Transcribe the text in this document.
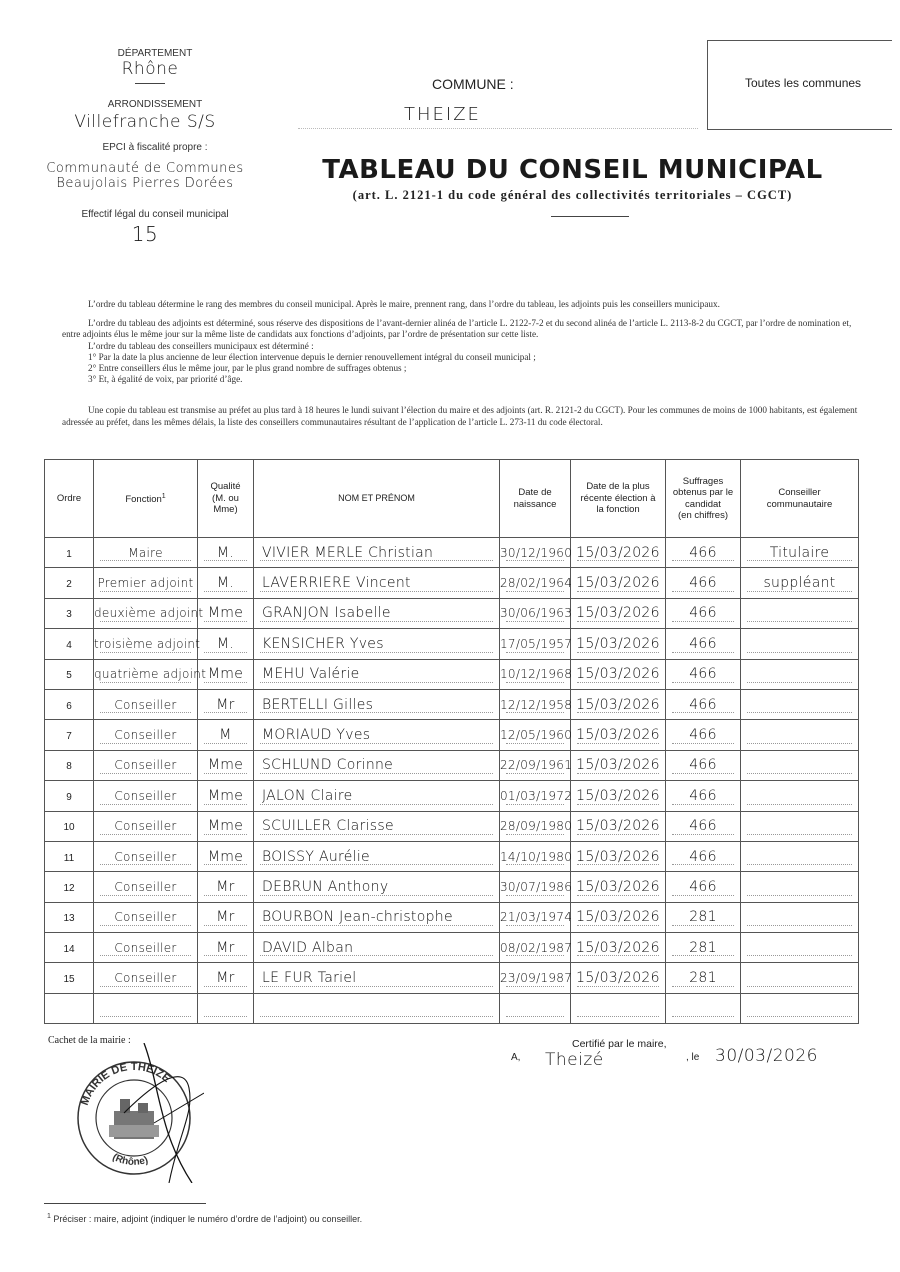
DÉPARTEMENT
Rhône
ARRONDISSEMENT
Villefranche S/S
EPCI à fiscalité propre :
Communauté de Communes
Beaujolais Pierres Dorées
Effectif légal du conseil municipal
15
COMMUNE :
THEIZE
Toutes les communes
TABLEAU DU CONSEIL MUNICIPAL
(art. L. 2121-1 du code général des collectivités territoriales – CGCT)

L’ordre du tableau détermine le rang des membres du conseil municipal. Après le maire, prennent rang, dans l’ordre du tableau, les adjoints puis les conseillers municipaux.

L’ordre du tableau des adjoints est déterminé, sous réserve des dispositions de l’avant-dernier alinéa de l’article L. 2122-7-2 et du second alinéa de l’article L. 2113-8-2 du CGCT, par l’ordre de nomination et, entre adjoints élus le même jour sur la même liste de candidats aux fonctions d’adjoints, par l’ordre de présentation sur cette liste.

L’ordre du tableau des conseillers municipaux est déterminé :

1° Par la date la plus ancienne de leur élection intervenue depuis le dernier renouvellement intégral du conseil municipal ;

2° Entre conseillers élus le même jour, par le plus grand nombre de suffrages obtenus ;

3° Et, à égalité de voix, par priorité d’âge.

Une copie du tableau est transmise au préfet au plus tard à 18 heures le lundi suivant l’élection du maire et des adjoints (art. R. 2121-2 du CGCT). Pour les communes de moins de 1000 habitants, est également adressée au préfet, dans les mêmes délais, la liste des conseillers communautaires résultant de l’application de l’article L. 273-11 du code électoral.

Ordre	Fonction$^1$	Qualité (M. ou Mme)	NOM ET PRÉNOM	Date de naissance	Date de la plus récente élection à la fonction	Suffrages obtenus par le candidat
(en chiffres)	Conseiller communautaire
1	Maire	M.	VIVIER MERLE Christian	30/12/1960	15/03/2026	466	Titulaire
2	Premier adjoint	M.	LAVERRIERE Vincent	28/02/1964	15/03/2026	466	suppléant
3	deuxième adjoint	Mme	GRANJON Isabelle	30/06/1963	15/03/2026	466	

4	troisième adjoint	M.	KENSICHER Yves	17/05/1957	15/03/2026	466	

5	quatrième adjoint	Mme	MEHU Valérie	10/12/1968	15/03/2026	466	

6	Conseiller	Mr	BERTELLI Gilles	12/12/1958	15/03/2026	466	

7	Conseiller	M	MORIAUD Yves	12/05/1960	15/03/2026	466	

8	Conseiller	Mme	SCHLUND Corinne	22/09/1961	15/03/2026	466	

9	Conseiller	Mme	JALON Claire	01/03/1972	15/03/2026	466	

10	Conseiller	Mme	SCUILLER Clarisse	28/09/1980	15/03/2026	466	

11	Conseiller	Mme	BOISSY Aurélie	14/10/1980	15/03/2026	466	

12	Conseiller	Mr	DEBRUN Anthony	30/07/1986	15/03/2026	466	

13	Conseiller	Mr	BOURBON Jean-christophe	21/03/1974	15/03/2026	281	

14	Conseiller	Mr	DAVID Alban	08/02/1987	15/03/2026	281	

15	Conseiller	Mr	LE FUR Tariel	23/09/1987	15/03/2026	281	

Cachet de la mairie :
MAIRIE DE THEIZE
(Rhône)
Certifié par le maire,
A, Theizé	, le 30/03/2026
$^1$ Préciser : maire, adjoint (indiquer le numéro d’ordre de l’adjoint) ou conseiller.
